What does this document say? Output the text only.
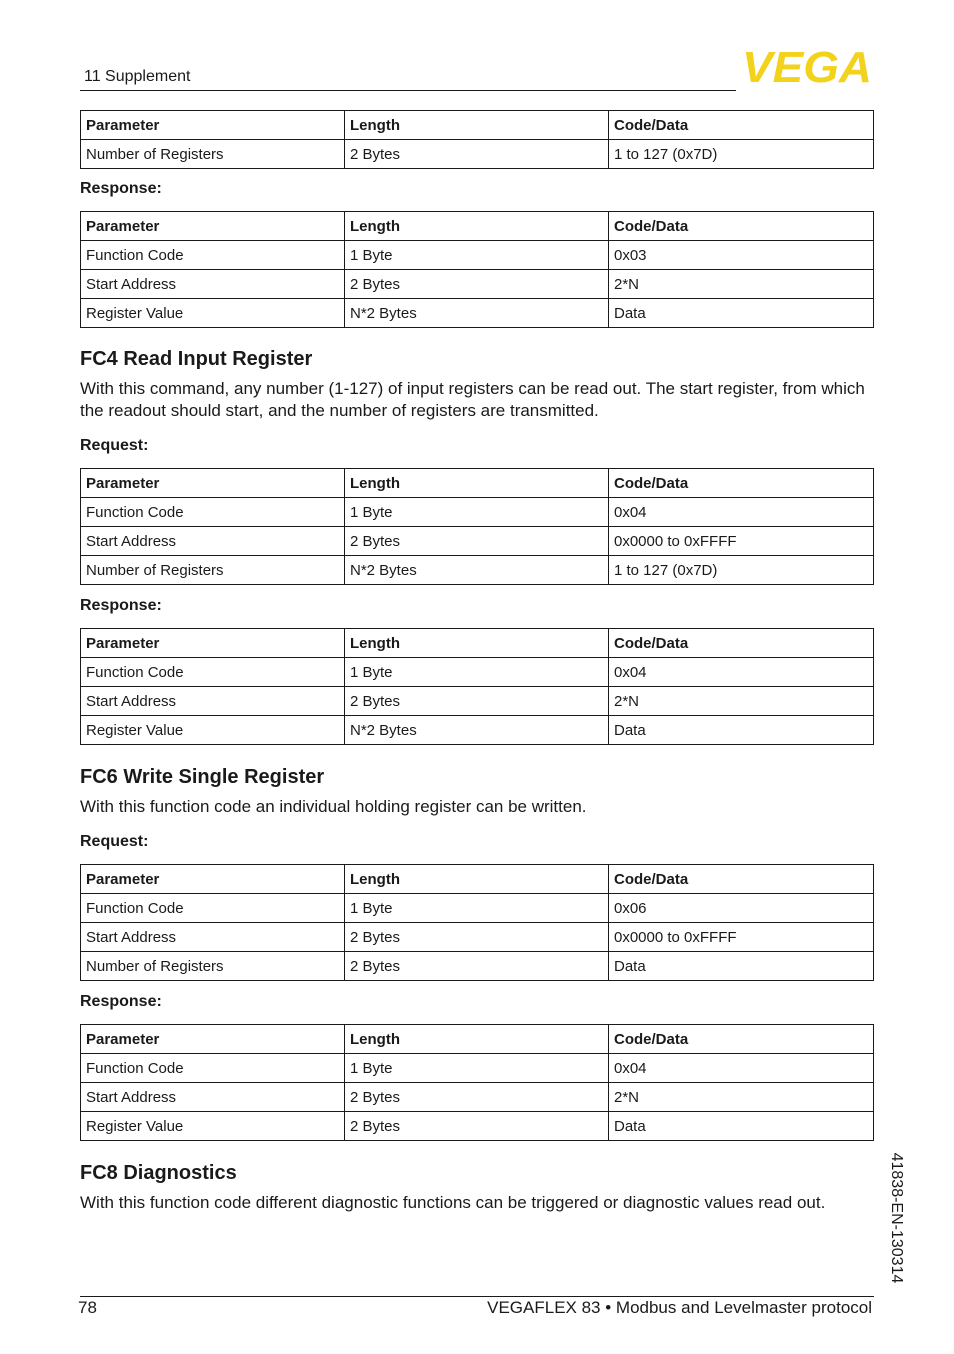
11 Supplement	VEGA
Parameter	Length	Code/Data
Number of Registers	2 Bytes	1 to 127 (0x7D)
Response:
Parameter	Length	Code/Data
Function Code	1 Byte	0x03
Start Address	2 Bytes	2*N
Register Value	N*2 Bytes	Data
FC4 Read Input Register
With this command, any number (1-127) of input registers can be read out. The start register, from which the readout should start, and the number of registers are transmitted.
Request:
Parameter	Length	Code/Data
Function Code	1 Byte	0x04
Start Address	2 Bytes	0x0000 to 0xFFFF
Number of Registers	N*2 Bytes	1 to 127 (0x7D)
Response:
Parameter	Length	Code/Data
Function Code	1 Byte	0x04
Start Address	2 Bytes	2*N
Register Value	N*2 Bytes	Data
FC6 Write Single Register
With this function code an individual holding register can be written.
Request:
Parameter	Length	Code/Data
Function Code	1 Byte	0x06
Start Address	2 Bytes	0x0000 to 0xFFFF
Number of Registers	2 Bytes	Data
Response:
Parameter	Length	Code/Data
Function Code	1 Byte	0x04
Start Address	2 Bytes	2*N
Register Value	2 Bytes	Data
FC8 Diagnostics
With this function code different diagnostic functions can be triggered or diagnostic values read out.	41838-EN-130314
78	VEGAFLEX 83 • Modbus and Levelmaster protocol
